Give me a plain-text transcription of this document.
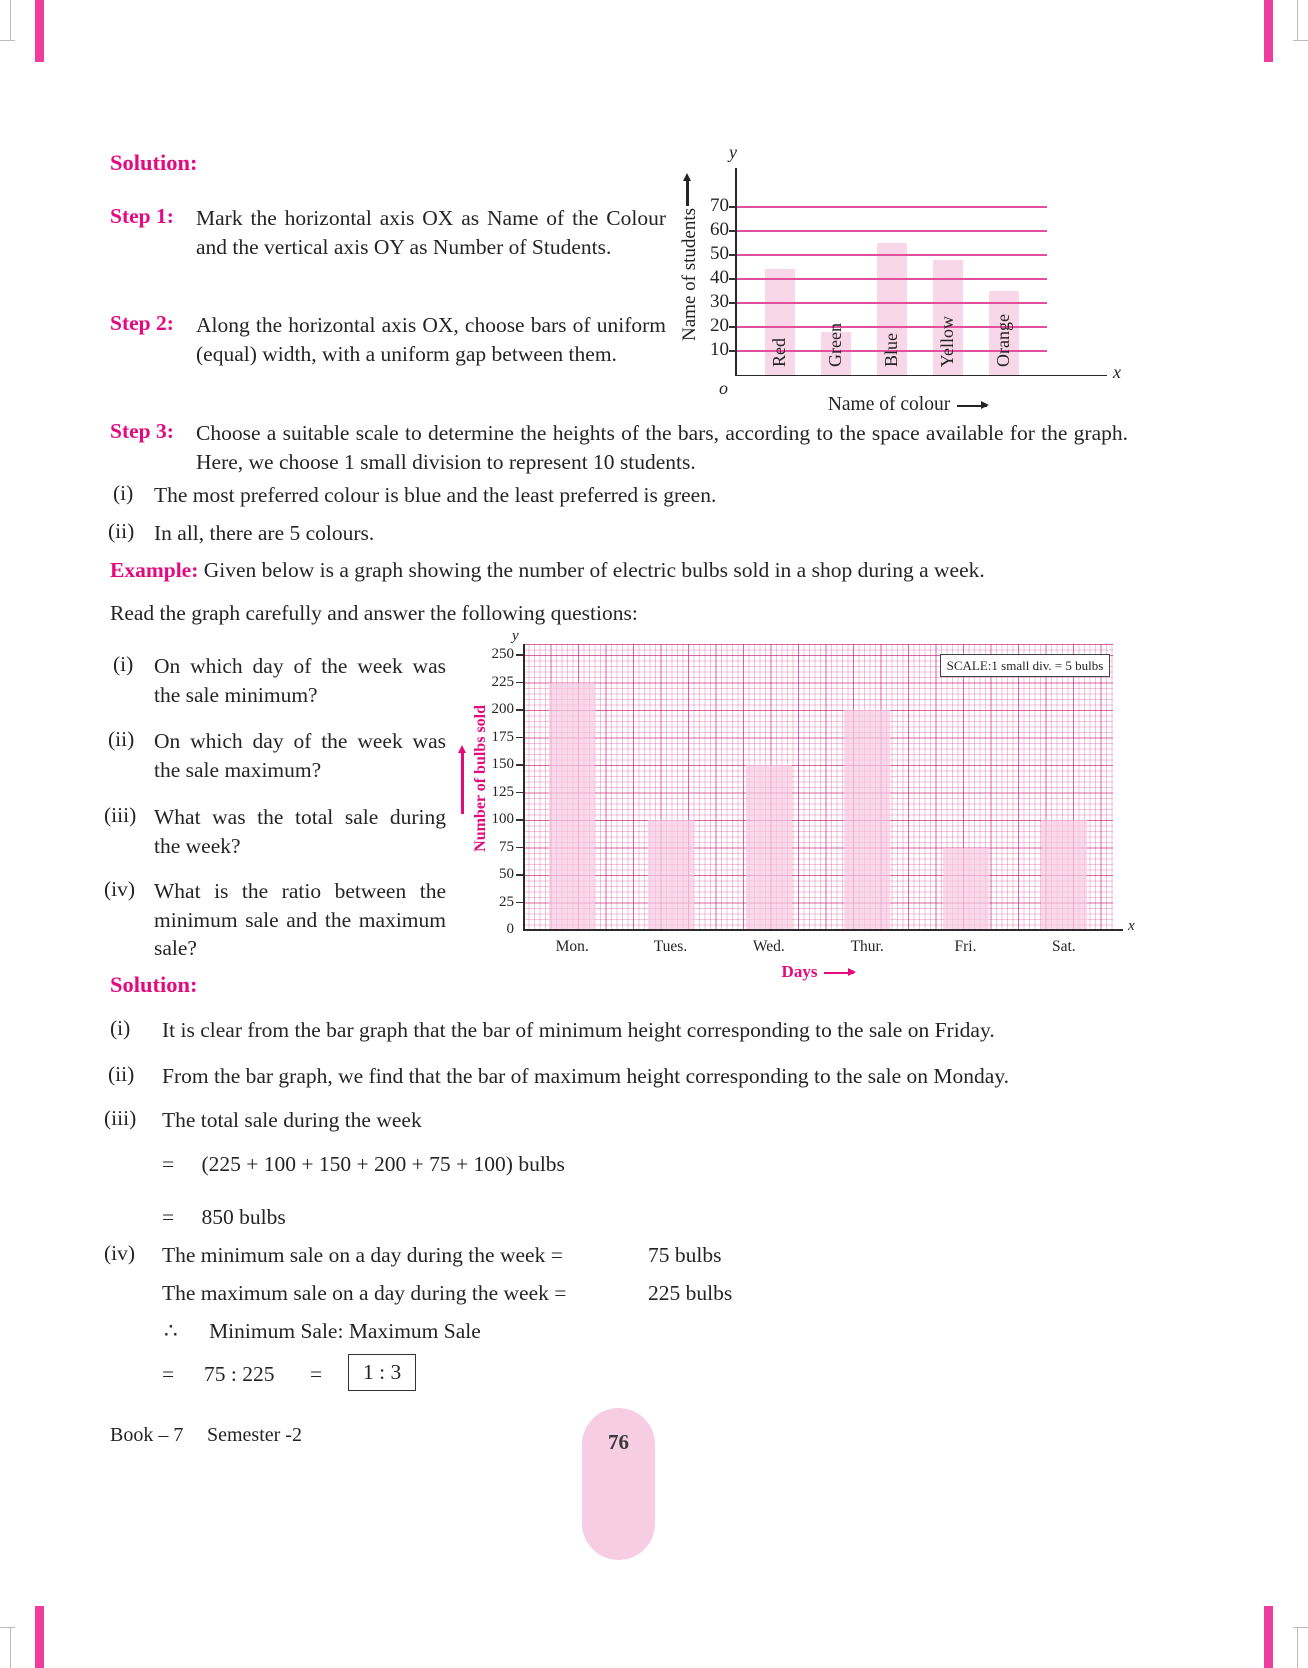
Solution:
Step 1: Mark the horizontal axis OX as Name of the Colour and the vertical axis OY as Number of Students.
Step 2: Along the horizontal axis OX, choose bars of uniform (equal) width, with a uniform gap between them.
Step 3: Choose a suitable scale to determine the heights of the bars, according to the space available for the graph. Here, we choose 1 small division to represent 10 students.
(i) The most preferred colour is blue and the least preferred is green.
(ii) In all, there are 5 colours.
Example: Given below is a graph showing the number of electric bulbs sold in a shop during a week.
Read the graph carefully and answer the following questions:
(i) On which day of the week was the sale minimum?
(ii) On which day of the week was the sale maximum?
(iii) What was the total sale during the week?
(iv) What is the ratio between the minimum sale and the maximum sale?
10
20
30
40
50
60
70
Red Green Blue Yellow Orange
y
x
o
Name of students
Name of colour
0
25
50
75
100
125
150
175
200
225
250
Mon.	Tues.	Wed.	Thur.	Fri.	Sat.
y
x
SCALE:1 small div. = 5 bulbs
Number of bulbs sold
Days
Solution:
(i) It is clear from the bar graph that the bar of minimum height corresponding to the sale on Friday.
(ii) From the bar graph, we find that the bar of maximum height corresponding to the sale on Monday.
(iii) The total sale during the week
= (225 + 100 + 150 + 200 + 75 + 100) bulbs
= 850 bulbs
(iv) The minimum sale on a day during the week =	75 bulbs
The maximum sale on a day during the week =	225 bulbs
∴ Minimum Sale: Maximum Sale
= 75 : 225 =	1 : 3
Book – 7 Semester -2	76
